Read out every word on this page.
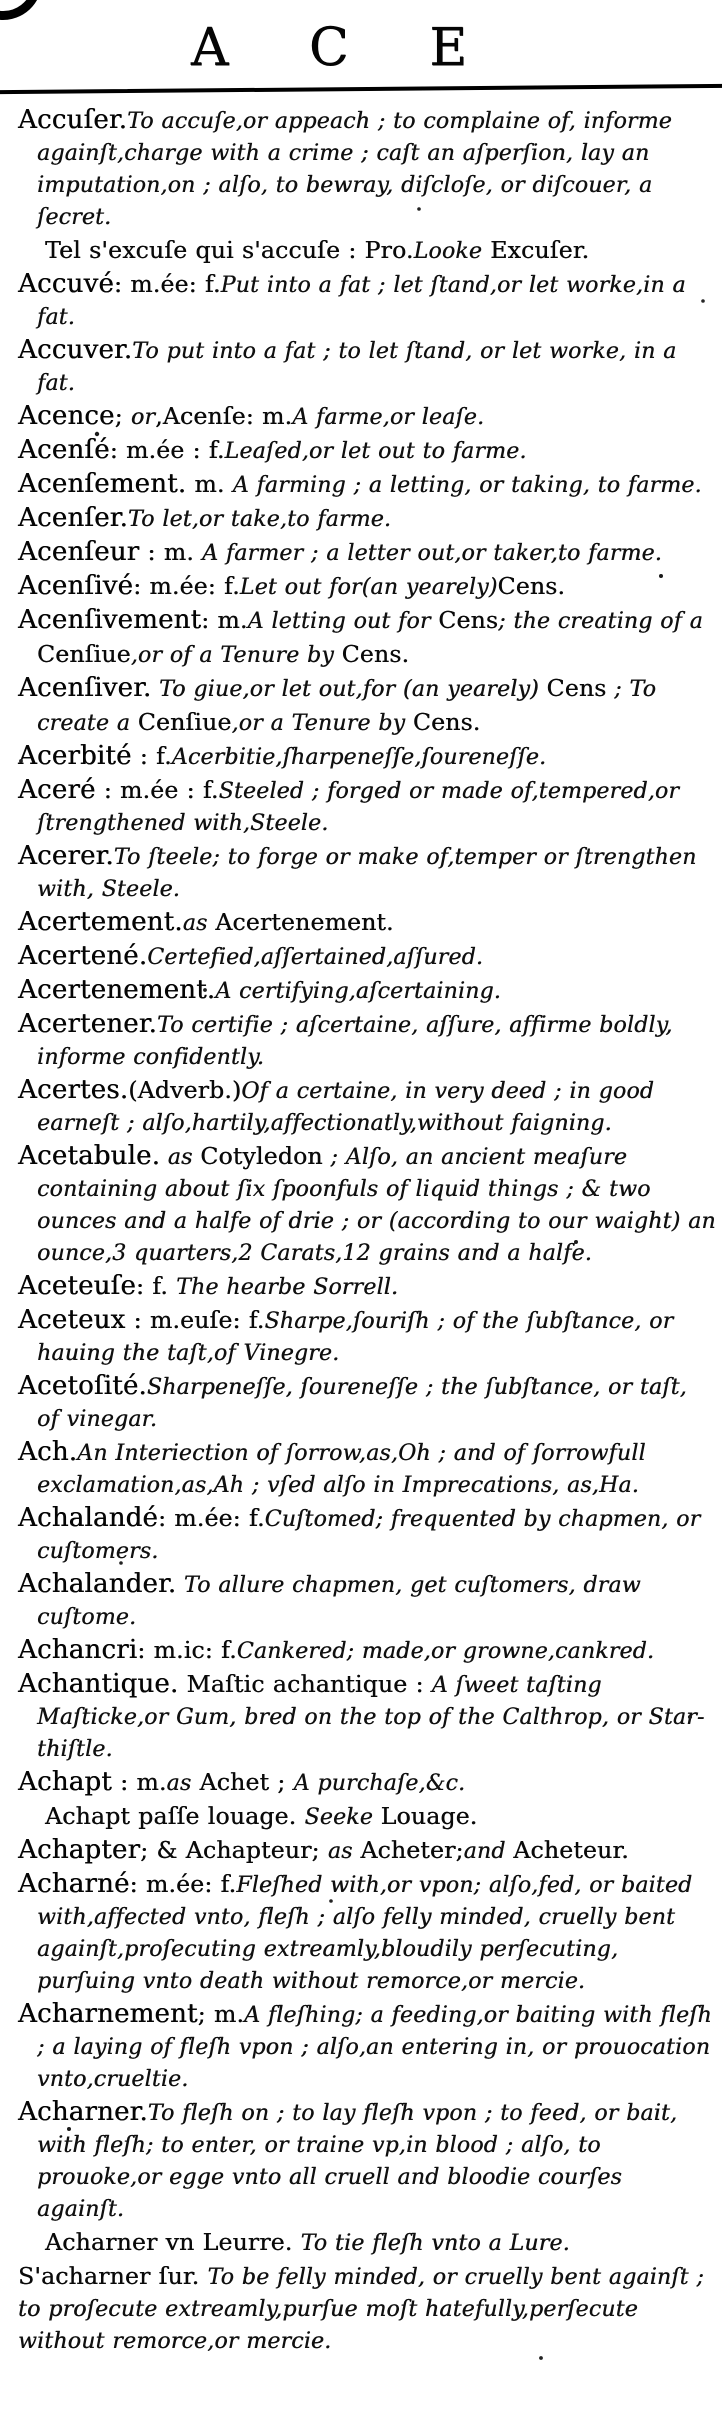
A C E

Accuſer.To accuſe,or appeach ; to complaine of, informe againſt,charge with a crime ; caſt an aſperſion, lay an imputation,on ; alſo, to bewray, diſcloſe, or diſcouer, a ſecret.

Tel s'excuſe qui s'accuſe : Pro.Looke Excuſer.

Accuvé: m.ée: f.Put into a fat ; let ſtand,or let worke,in a fat.

Accuver.To put into a fat ; to let ſtand, or let worke, in a fat.

Acence; or,Acenſe: m.A farme,or leaſe.

Acenſé: m.ée : f.Leaſed,or let out to farme.

Acenſement. m. A farming ; a letting, or taking, to farme.

Acenſer.To let,or take,to farme.

Acenſeur : m. A farmer ; a letter out,or taker,to farme.

Acenſivé: m.ée: f.Let out for(an yearely)Cens.

Acenſivement: m.A letting out for Cens; the creating of a Cenſiue,or of a Tenure by Cens.

Acenſiver. To giue,or let out,for (an yearely) Cens ; To create a Cenſiue,or a Tenure by Cens.

Acerbité : f.Acerbitie,ſharpeneſſe,ſoureneſſe.

Aceré : m.ée : f.Steeled ; forged or made of,tempered,or ſtrengthened with,Steele.

Acerer.To ſteele; to forge or make of,temper or ſtrengthen with, Steele.

Acertement.as Acertenement.

Acertené.Certefied,aſſertained,aſſured.

Acertenement.A certifying,aſcertaining.

Acertener.To certifie ; aſcertaine, aſſure, affirme boldly, informe confidently.

Acertes.(Adverb.)Of a certaine, in very deed ; in good earneſt ; alſo,hartily,affectionatly,without faigning.

Acetabule. as Cotyledon ; Alſo, an ancient meaſure containing about ſix ſpoonfuls of liquid things ; & two ounces and a halfe of drie ; or (according to our waight) an ounce,3 quarters,2 Carats,12 grains and a halfe.

Aceteuſe: f. The hearbe Sorrell.

Aceteux : m.euſe: f.Sharpe,ſouriſh ; of the ſubſtance, or hauing the taſt,of Vinegre.

Acetoſité.Sharpeneſſe, ſoureneſſe ; the ſubſtance, or taſt, of vinegar.

Ach.An Interiection of ſorrow,as,Oh ; and of ſorrowfull exclamation,as,Ah ; vſed alſo in Imprecations, as,Ha.

Achalandé: m.ée: f.Cuſtomed; frequented by chapmen, or cuſtomers.

Achalander. To allure chapmen, get cuſtomers, draw cuſtome.

Achancri: m.ic: f.Cankered; made,or growne,cankred.

Achantique. Maſtic achantique : A ſweet taſting Maſticke,or Gum, bred on the top of the Calthrop, or Star-thiſtle.

Achapt : m.as Achet ; A purchaſe,&c.

Achapt paſſe louage. Seeke Louage.

Achapter; & Achapteur; as Acheter;and Acheteur.

Acharné: m.ée: f.Fleſhed with,or vpon; alſo,fed, or baited with,affected vnto, fleſh ; alſo felly minded, cruelly bent againſt,proſecuting extreamly,bloudily perſecuting, purſuing vnto death without remorce,or mercie.

Acharnement; m.A fleſhing; a feeding,or baiting with fleſh ; a laying of fleſh vpon ; alſo,an entering in, or prouocation vnto,crueltie.

Acharner.To fleſh on ; to lay fleſh vpon ; to feed, or bait, with fleſh; to enter, or traine vp,in blood ; alſo, to prouoke,or egge vnto all cruell and bloodie courſes againſt.

Acharner vn Leurre. To tie fleſh vnto a Lure.

S'acharner ſur. To be felly minded, or cruelly bent againſt ; to proſecute extreamly,purſue moſt hatefully,perſecute without remorce,or mercie.
